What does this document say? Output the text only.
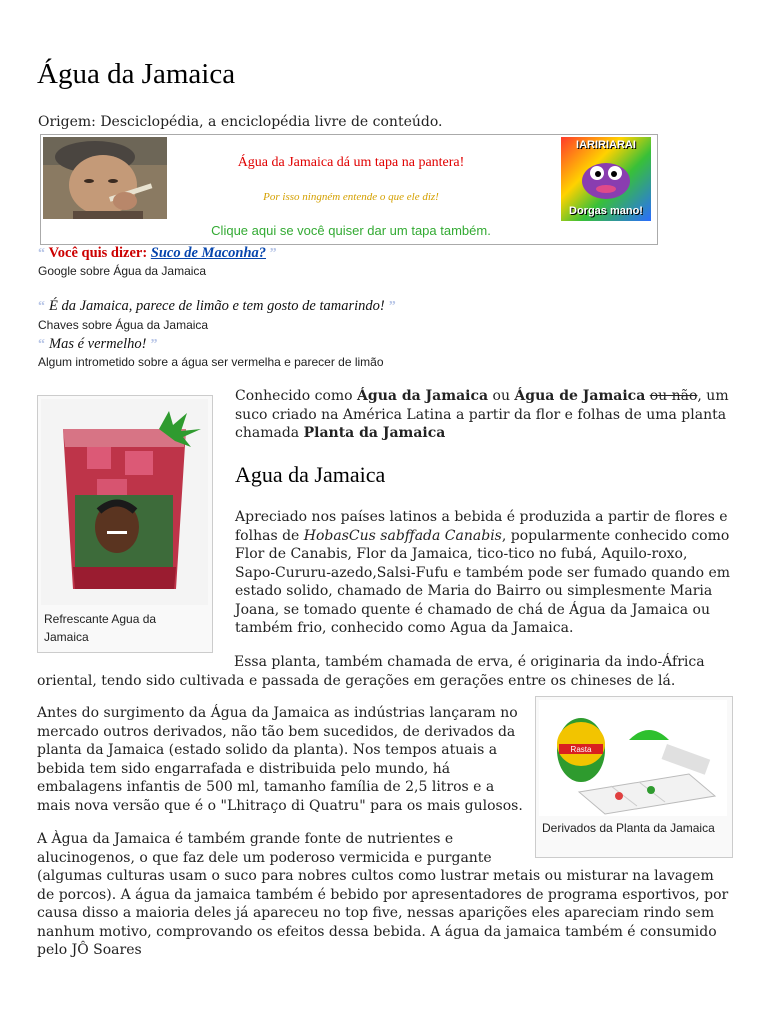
Água da Jamaica
Origem: Desciclopédia, a enciclopédia livre de conteúdo.
Água da Jamaica dá um tapa na pantera!
Por isso ningném entende o que ele diz!
Clique aqui se você quiser dar um tapa também.
IARIRIARAI
Dorgas mano!
“ Você quis dizer: Suco de Maconha? ”
Google sobre Água da Jamaica
“ É da Jamaica, parece de limão e tem gosto de tamarindo! ”
Chaves sobre Água da Jamaica
“ Mas é vermelho! ”
Algum intrometido sobre a água ser vermelha e parecer de limão
Refrescante Agua da Jamaica
Conhecido como Água da Jamaica ou Água de Jamaica ou não, um suco criado na América Latina a partir da flor e folhas de uma planta chamada Planta da Jamaica
Agua da Jamaica
Apreciado nos países latinos a bebida é produzida a partir de flores e folhas de HobasCus sabffada Canabis, popularmente conhecido como Flor de Canabis, Flor da Jamaica, tico-tico no fubá, Aquilo-roxo, Sapo-Cururu-azedo,Salsi-Fufu e também pode ser fumado quando em estado solido, chamado de Maria do Bairro ou simplesmente Maria Joana, se tomado quente é chamado de chá de Água da Jamaica ou também frio, conhecido como Agua da Jamaica.
Essa planta, também chamada de erva, é originaria da indo-África oriental, tendo sido cultivada e passada de gerações em gerações entre os chineses de lá.
Rasta
Derivados da Planta da Jamaica
Antes do surgimento da Água da Jamaica as indústrias lançaram no mercado outros derivados, não tão bem sucedidos, de derivados da planta da Jamaica (estado solido da planta). Nos tempos atuais a bebida tem sido engarrafada e distribuida pelo mundo, há embalagens infantis de 500 ml, tamanho família de 2,5 litros e a mais nova versão que é o "Lhitraço di Quatru" para os mais gulosos.
A Àgua da Jamaica é também grande fonte de nutrientes e alucinogenos, o que faz dele um poderoso vermicida e purgante (algumas culturas usam o suco para nobres cultos como lustrar metais ou misturar na lavagem de porcos). A água da jamaica também é bebido por apresentadores de programa esportivos, por causa disso a maioria deles já apareceu no top five, nessas aparições eles apareciam rindo sem nanhum motivo, comprovando os efeitos dessa bebida. A água da jamaica também é consumido pelo JÔ Soares
